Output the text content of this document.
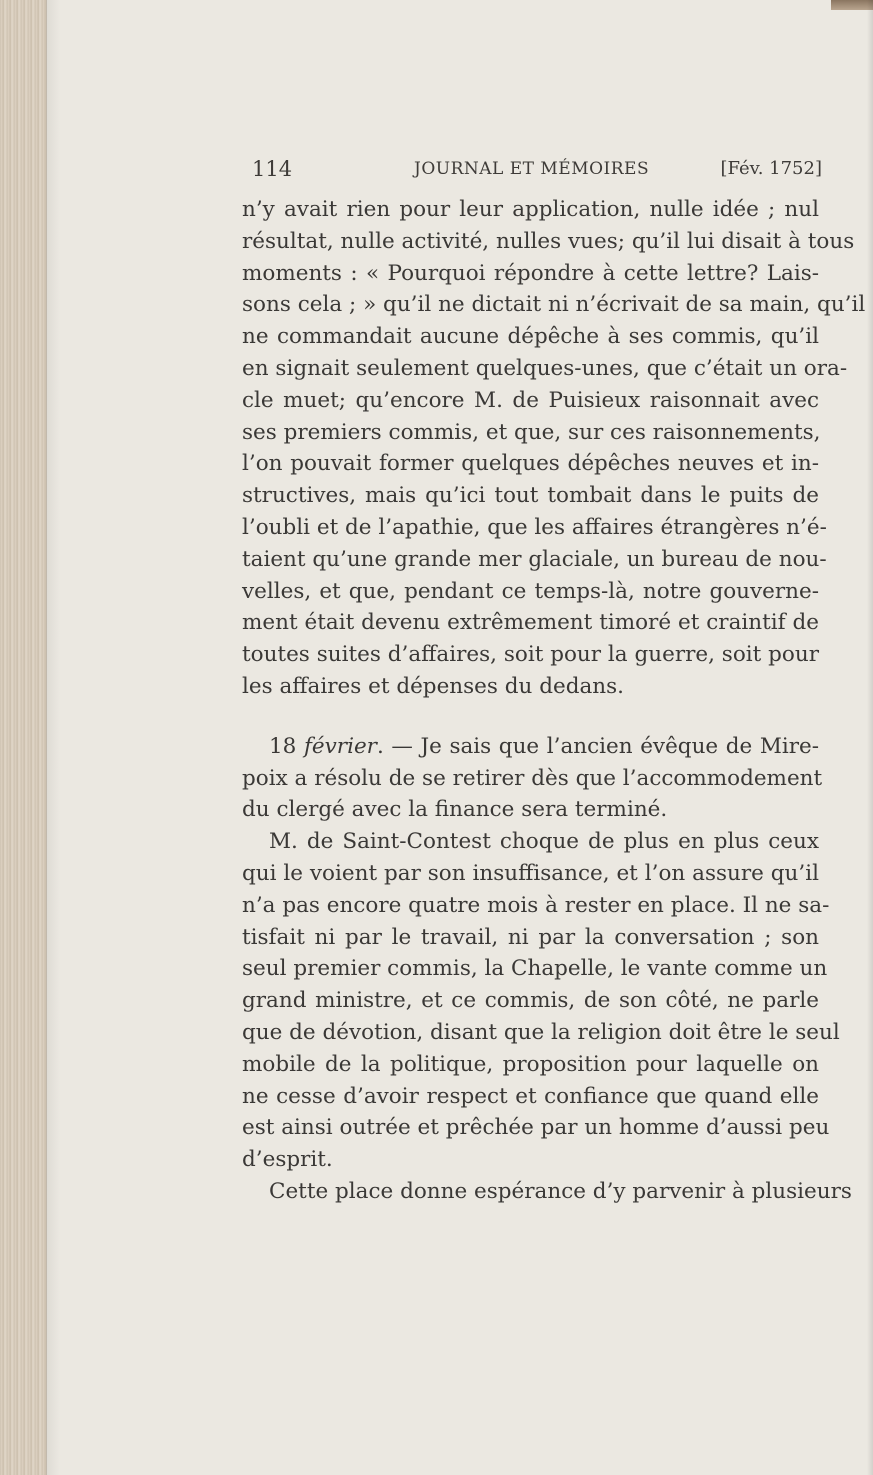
114	JOURNAL ET MÉMOIRES	[Fév. 1752]
n’y avait rien pour leur application, nulle idée ; nul
résultat, nulle activité, nulles vues; qu’il lui disait à tous
moments : « Pourquoi répondre à cette lettre? Lais-
sons cela ; » qu’il ne dictait ni n’écrivait de sa main, qu’il
ne commandait aucune dépêche à ses commis, qu’il
en signait seulement quelques-unes, que c’était un ora-
cle muet; qu’encore M. de Puisieux raisonnait avec
ses premiers commis, et que, sur ces raisonnements,
l’on pouvait former quelques dépêches neuves et in-
structives, mais qu’ici tout tombait dans le puits de
l’oubli et de l’apathie, que les affaires étrangères n’é-
taient qu’une grande mer glaciale, un bureau de nou-
velles, et que, pendant ce temps-là, notre gouverne-
ment était devenu extrêmement timoré et craintif de
toutes suites d’affaires, soit pour la guerre, soit pour
les affaires et dépenses du dedans.
18 février. — Je sais que l’ancien évêque de Mire-
poix a résolu de se retirer dès que l’accommodement
du clergé avec la finance sera terminé.
M. de Saint-Contest choque de plus en plus ceux
qui le voient par son insuffisance, et l’on assure qu’il
n’a pas encore quatre mois à rester en place. Il ne sa-
tisfait ni par le travail, ni par la conversation ; son
seul premier commis, la Chapelle, le vante comme un
grand ministre, et ce commis, de son côté, ne parle
que de dévotion, disant que la religion doit être le seul
mobile de la politique, proposition pour laquelle on
ne cesse d’avoir respect et confiance que quand elle
est ainsi outrée et prêchée par un homme d’aussi peu
d’esprit.
Cette place donne espérance d’y parvenir à plusieurs
